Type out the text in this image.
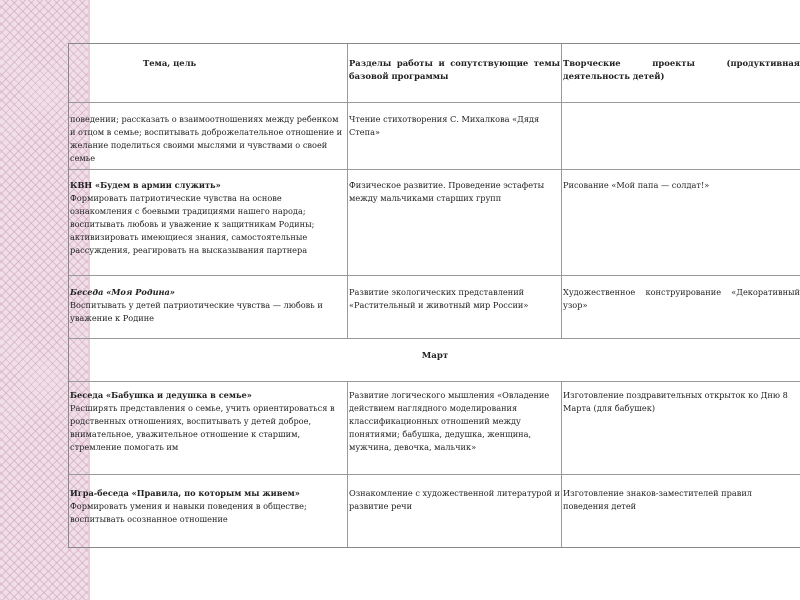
Тема, цель	Разделы работы и сопутствующие темы базовой программы
Творческие проекты (продуктивная деятельность детей)
поведении; рассказать о взаимоотношениях между ребенком и отцом в семье; воспитывать доброжелательное отношение и желание поделиться своими мыслями и чувствами о своей семье
Чтение стихотворения С. Михалкова «Дядя Степа»
КВН «Будем в армии служить»
Формировать патриотические чувства на основе ознакомления с боевыми традициями нашего народа; воспитывать любовь и уважение к защитникам Родины; активизировать имеющиеся знания, самостоятельные рассуждения, реагировать на высказывания партнера
Физическое развитие. Проведение эстафеты между мальчиками старших групп
Рисование «Мой папа — солдат!»
Беседа «Моя Родина»
Воспитывать у детей патриотические чувства — любовь и уважение к Родине
Развитие экологических представлений «Растительный и животный мир России»
Художественное конструирование «Декоративный узор»
Март
Беседа «Бабушка и дедушка в семье»
Расширять представления о семье, учить ориентироваться в родственных отношениях, воспитывать у детей доброе, внимательное, уважительное отношение к старшим, стремление помогать им
Развитие логического мышления «Овладение действием наглядного моделирования классификационных отношений между понятиями; бабушка, дедушка, женщина, мужчина, девочка, мальчик»
Изготовление поздравительных открыток ко Дню 8 Марта (для бабушек)
Игра-беседа «Правила, по которым мы живем»
Формировать умения и навыки поведения в обществе; воспитывать осознанное отношение
Ознакомление с художественной литературой и развитие речи
Изготовление знаков-заместителей правил поведения детей
